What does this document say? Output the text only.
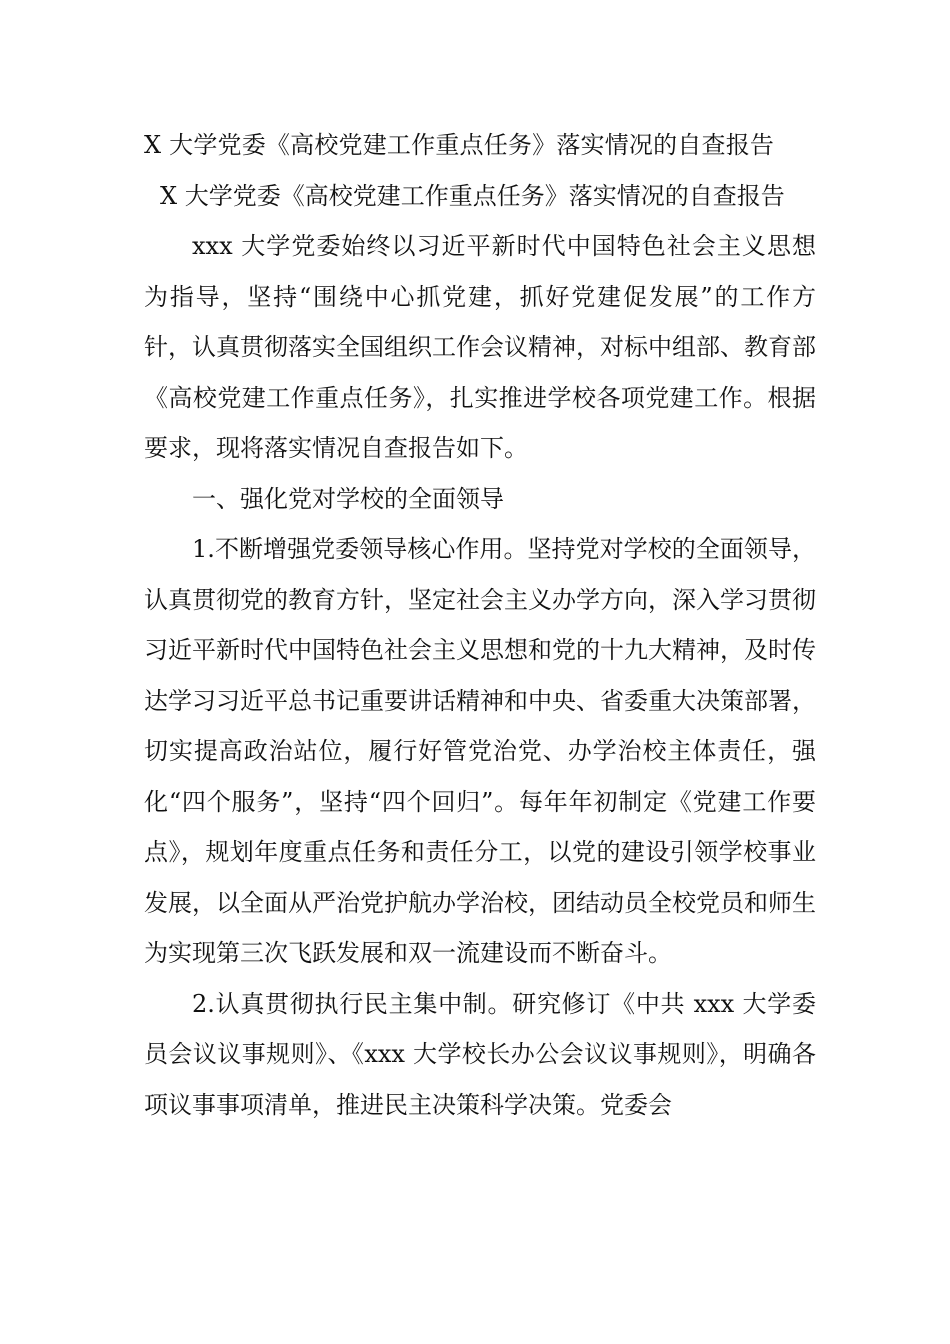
X 大学党委《高校党建工作重点任务》落实情况的自查报告

X 大学党委《高校党建工作重点任务》落实情况的自查报告

xxx 大学党委始终以习近平新时代中国特色社会主义思想为指导，坚持“围绕中心抓党建，抓好党建促发展”的工作方针，认真贯彻落实全国组织工作会议精神，对标中组部、教育部《高校党建工作重点任务》，扎实推进学校各项党建工作。根据要求，现将落实情况自查报告如下。

一、强化党对学校的全面领导

1.不断增强党委领导核心作用。坚持党对学校的全面领导，认真贯彻党的教育方针，坚定社会主义办学方向，深入学习贯彻习近平新时代中国特色社会主义思想和党的十九大精神，及时传达学习习近平总书记重要讲话精神和中央、省委重大决策部署，切实提高政治站位，履行好管党治党、办学治校主体责任，强化“四个服务”，坚持“四个回归”。每年年初制定《党建工作要点》，规划年度重点任务和责任分工，以党的建设引领学校事业发展，以全面从严治党护航办学治校，团结动员全校党员和师生为实现第三次飞跃发展和双一流建设而不断奋斗。

2.认真贯彻执行民主集中制。研究修订《中共 xxx 大学委员会议议事规则》、《xxx 大学校长办公会议议事规则》，明确各项议事事项清单，推进民主决策科学决策。党委会
